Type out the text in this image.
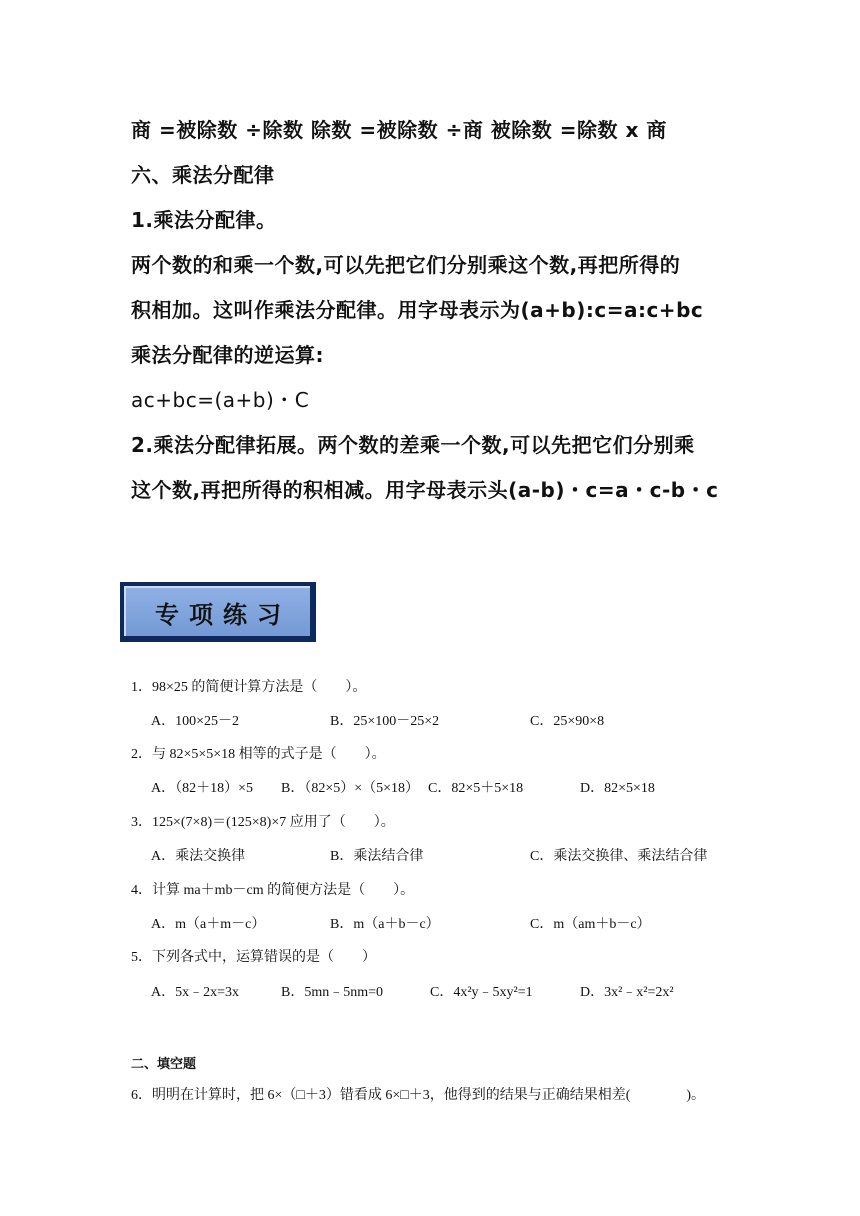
商 =被除数 ÷除数 除数 =被除数 ÷商 被除数 =除数 x 商
六、乘法分配律
1.乘法分配律。
两个数的和乘一个数,可以先把它们分别乘这个数,再把所得的
积相加。这叫作乘法分配律。用字母表示为(a+b):c=a:c+bc
乘法分配律的逆运算:
ac+bc=(a+b)・C
2.乘法分配律拓展。两个数的差乘一个数,可以先把它们分别乘
这个数,再把所得的积相减。用字母表示头(a-b)・c=a・c-b・c
专项练习
1．98×25 的简便计算方法是（　　）。
A．100×25－2	B．25×100－25×2	C．25×90×8
2．与 82×5×5×18 相等的式子是（　　）。
A．（82＋18）×5 B．（82×5）×（5×18） C．82×5＋5×18	D．82×5×18
3．125×(7×8)＝(125×8)×7 应用了（　　）。
A．乘法交换律	B．乘法结合律	C．乘法交换律、乘法结合律
4．计算 ma＋mb－cm 的简便方法是（　　）。
A．m（a＋m－c）	B．m（a＋b－c）	C．m（am＋b－c）
5．下列各式中，运算错误的是（　　）
A．5x﹣2x=3x	B．5mn﹣5nm=0	C．4x²y﹣5xy²=1	D．3x²﹣x²=2x²
二、填空题
6．明明在计算时，把 6×（□＋3）错看成 6×□＋3，他得到的结果与正确结果相差(　　　　)。
